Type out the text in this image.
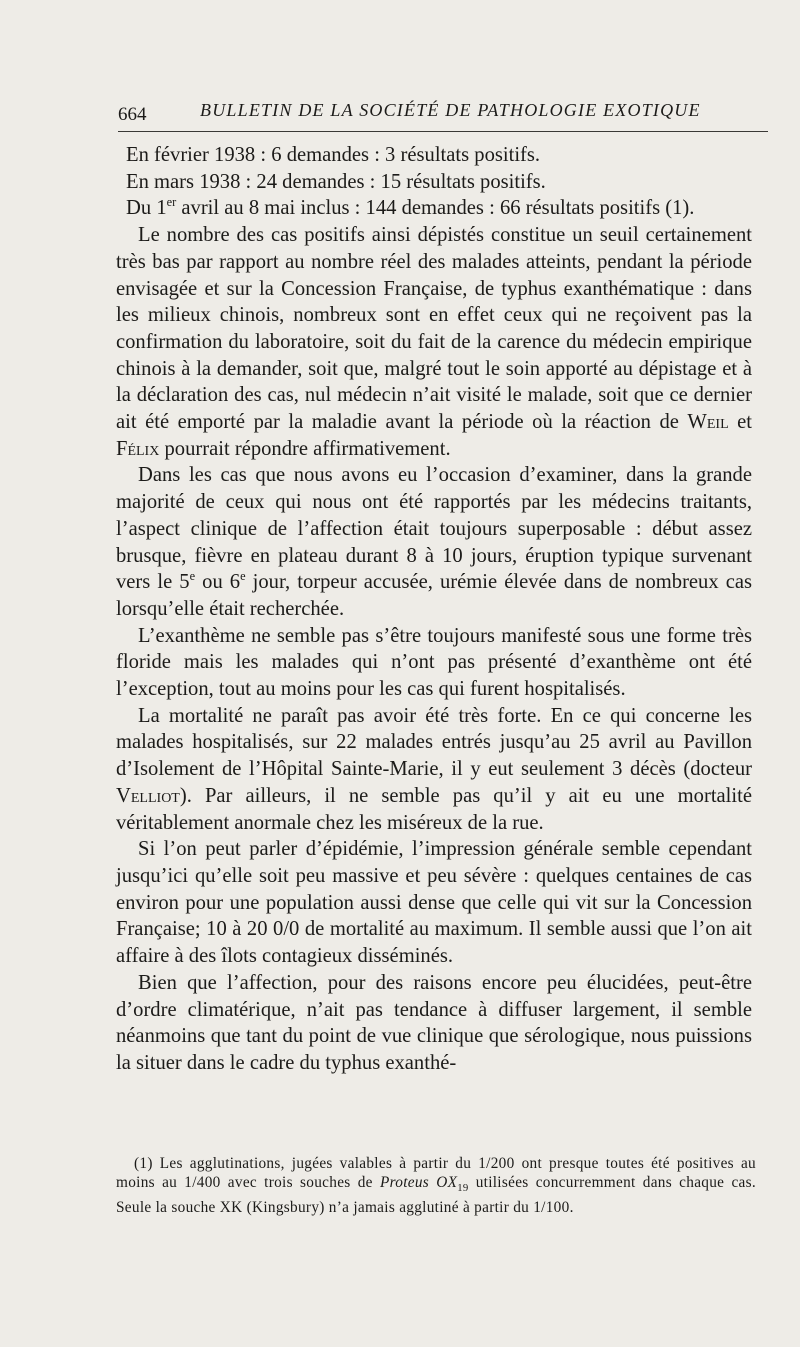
664	BULLETIN DE LA SOCIÉTÉ DE PATHOLOGIE EXOTIQUE

En février 1938 : 6 demandes : 3 résultats positifs.

En mars 1938 : 24 demandes : 15 résultats positifs.

Du 1er avril au 8 mai inclus : 144 demandes : 66 résultats positifs (1).

Le nombre des cas positifs ainsi dépistés constitue un seuil certainement très bas par rapport au nombre réel des malades atteints, pendant la période envisagée et sur la Concession Française, de typhus exanthématique : dans les milieux chinois, nombreux sont en effet ceux qui ne reçoivent pas la confirmation du laboratoire, soit du fait de la carence du médecin empirique chinois à la demander, soit que, malgré tout le soin apporté au dépistage et à la déclaration des cas, nul médecin n’ait visité le malade, soit que ce dernier ait été emporté par la maladie avant la période où la réaction de Weil et Félix pourrait répondre affirmativement.

Dans les cas que nous avons eu l’occasion d’examiner, dans la grande majorité de ceux qui nous ont été rapportés par les médecins traitants, l’aspect clinique de l’affection était toujours superposable : début assez brusque, fièvre en plateau durant 8 à 10 jours, éruption typique survenant vers le 5e ou 6e jour, torpeur accusée, urémie élevée dans de nombreux cas lorsqu’elle était recherchée.

L’exanthème ne semble pas s’être toujours manifesté sous une forme très floride mais les malades qui n’ont pas présenté d’exanthème ont été l’exception, tout au moins pour les cas qui furent hospitalisés.

La mortalité ne paraît pas avoir été très forte. En ce qui concerne les malades hospitalisés, sur 22 malades entrés jusqu’au 25 avril au Pavillon d’Isolement de l’Hôpital Sainte-Marie, il y eut seulement 3 décès (docteur Velliot). Par ailleurs, il ne semble pas qu’il y ait eu une mortalité véritablement anormale chez les miséreux de la rue.

Si l’on peut parler d’épidémie, l’impression générale semble cependant jusqu’ici qu’elle soit peu massive et peu sévère : quelques centaines de cas environ pour une population aussi dense que celle qui vit sur la Concession Française; 10 à 20 0/0 de mortalité au maximum. Il semble aussi que l’on ait affaire à des îlots contagieux disséminés.

Bien que l’affection, pour des raisons encore peu élucidées, peut-être d’ordre climatérique, n’ait pas tendance à diffuser largement, il semble néanmoins que tant du point de vue clinique que sérologique, nous puissions la situer dans le cadre du typhus exanthé-

(1) Les agglutinations, jugées valables à partir du 1/200 ont presque toutes été positives au moins au 1/400 avec trois souches de Proteus $OX_{19}$ utilisées concurremment dans chaque cas. Seule la souche XK (Kingsbury) n’a jamais agglutiné à partir du 1/100.
